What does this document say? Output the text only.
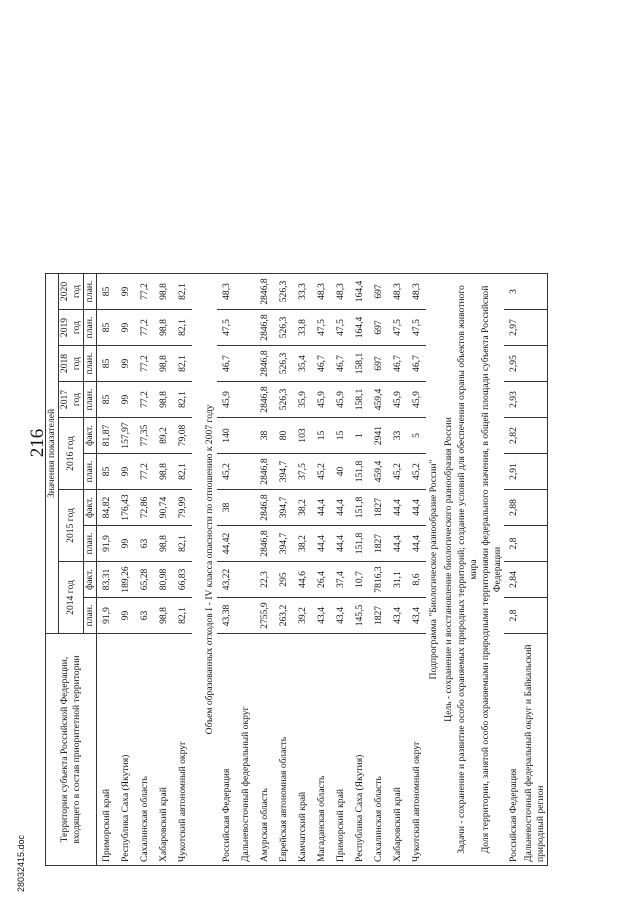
216
28032415.doc
Территория субъекта Российской Федерации, входящего в состав приоритетной территории	Значения показателей									
	2014 год		2015 год		2016 год		2017 год	2018 год	2019 год	2020 год
	план.	факт.	план.	факт.	план.	факт.	план.	план.	план.	план.
Приморский край	91,9	83,31	91,9	84,82	85	81,87	85	85	85	85
Республика Саха (Якутия)	99	189,26	99	176,43	99	157,97	99	99	99	99
Сахалинская область	63	65,28	63	72,86	77,2	77,35	77,2	77,2	77,2	77,2
Хабаровский край	98,8	80,98	98,8	90,74	98,8	89,2	98,8	98,8	98,8	98,8
Чукотский автономный округ	82,1	66,83	82,1	79,99	82,1	79,08	82,1	82,1	82,1	82,1

Объем образованных отходов I - IV класса опасности по отношению к 2007 году										
Российская Федерация	43,38	43,22	44,42	38	45,2	140	45,9	46,7	47,5	48,3
Дальневосточный федеральный округ										
Амурская область	2755,9	22,3	2846,8	2846,8	2846,8	38	2846,8	2846,8	2846,8	2846,8
Еврейская автономная область	263,2	295	394,7	394,7	394,7	80	526,3	526,3	526,3	526,3
Камчатский край	39,2	44,6	38,2	38,2	37,5	103	35,9	35,4	33,8	33,3
Магаданская область	43,4	26,4	44,4	44,4	45,2	15	45,9	46,7	47,5	48,3
Приморский край	43,4	37,4	44,4	44,4	40	15	45,9	46,7	47,5	48,3
Республика Саха (Якутия)	145,5	10,7	151,8	151,8	151,8	1	158,1	158,1	164,4	164,4
Сахалинская область	1827	7816,3	1827	1827	459,4	2941	459,4	697	697	697
Хабаровский край	43,4	31,1	44,4	44,4	45,2	33	45,9	46,7	47,5	48,3
Чукотский автономный округ	43,4	8,6	44,4	44,4	45,2	5	45,9	46,7	47,5	48,3
Подпрограмма "Биологическое разнообразие России"										
Цель - сохранение и восстановление биологического разнообразия России										
Задачи - сохранение и развитие особо охраняемых природных территорий; создание условий для обеспечения охраны объектов животного мира										
Доля территории, занятой особо охраняемыми природными территориями федерального значения, в общей площади субъекта Российской Федерации										
Российская Федерация	2,8	2,84	2,8	2,88	2,91	2,82	2,93	2,95	2,97	3
Дальневосточный федеральный округ и Байкальский природный регион										
